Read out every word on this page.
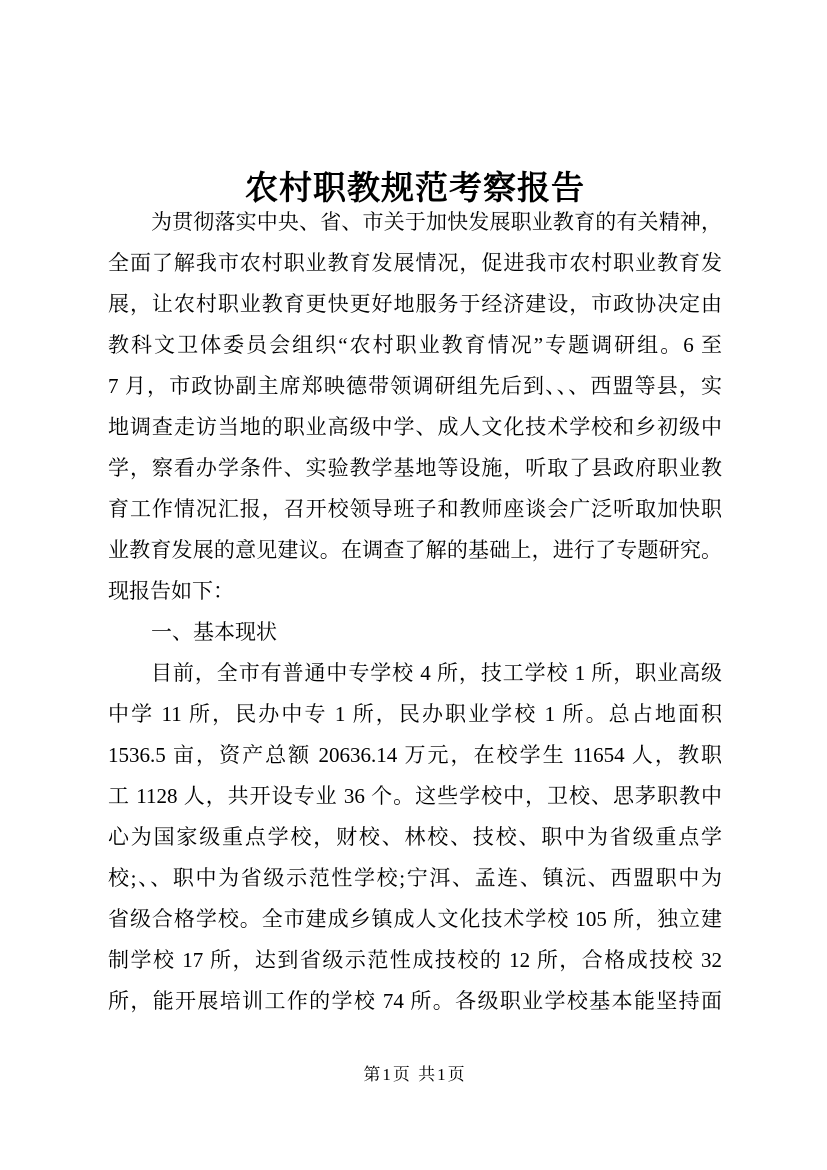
农村职教规范考察报告
为贯彻落实中央、省、市关于加快发展职业教育的有关精神，
全面了解我市农村职业教育发展情况，促进我市农村职业教育发
展，让农村职业教育更快更好地服务于经济建设，市政协决定由
教科文卫体委员会组织“农村职业教育情况”专题调研组。6 至
7 月，市政协副主席郑映德带领调研组先后到、、、西盟等县，实
地调查走访当地的职业高级中学、成人文化技术学校和乡初级中
学，察看办学条件、实验教学基地等设施，听取了县政府职业教
育工作情况汇报，召开校领导班子和教师座谈会广泛听取加快职
业教育发展的意见建议。在调查了解的基础上，进行了专题研究。
现报告如下：
一、基本现状
目前，全市有普通中专学校 4 所，技工学校 1 所，职业高级
中学 11 所，民办中专 1 所，民办职业学校 1 所。总占地面积
1536.5 亩，资产总额 20636.14 万元，在校学生 11654 人，教职
工 1128 人，共开设专业 36 个。这些学校中，卫校、思茅职教中
心为国家级重点学校，财校、林校、技校、职中为省级重点学
校;、、职中为省级示范性学校;宁洱、孟连、镇沅、西盟职中为
省级合格学校。全市建成乡镇成人文化技术学校 105 所，独立建
制学校 17 所，达到省级示范性成技校的 12 所，合格成技校 32
所，能开展培训工作的学校 74 所。各级职业学校基本能坚持面
第1页 共1页
